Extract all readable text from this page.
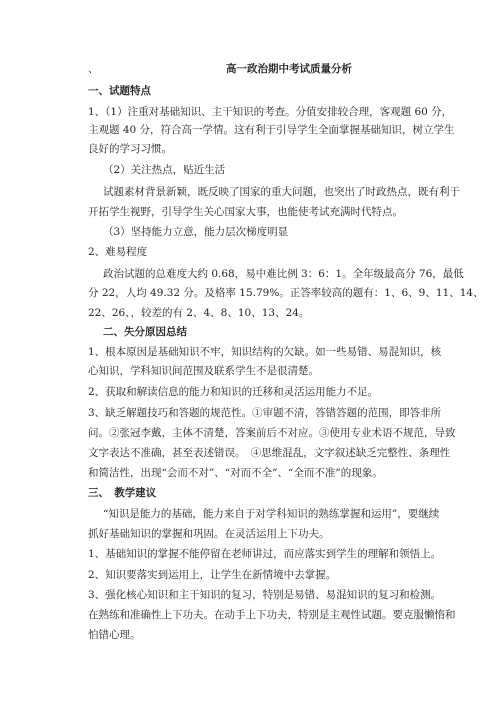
、	高一政治期中考试质量分析
一、试题特点
1、（1）注重对基础知识、主干知识的考查。分值安排较合理，客观题 60 分，
主观题 40 分，符合高一学情。这有利于引导学生全面掌握基础知识，树立学生
良好的学习习惯。
（2）关注热点，贴近生活
试题素材背景新颖，既反映了国家的重大问题，也突出了时政热点，既有利于
开拓学生视野，引导学生关心国家大事，也能使考试充满时代特点。
（3）坚持能力立意，能力层次梯度明显
2、难易程度
政治试题的总难度大约 0.68，易中难比例 3：6：1。全年级最高分 76，最低
分 22，人均 49.32 分。及格率 15.79%。正答率较高的题有：1、6、9、11、14、
22、26、，较差的有 2、4、8、10、13、24。
二、失分原因总结
1、根本原因是基础知识不牢，知识结构的欠缺。如一些易错、易混知识，核
心知识，学科知识间范围及联系学生不是很清楚。
2、获取和解读信息的能力和知识的迁移和灵活运用能力不足。
3、缺乏解题技巧和答题的规范性。①审题不清，答错答题的范围，即答非所
问。②张冠李戴，主体不清楚，答案前后不对应。③使用专业术语不规范，导致
文字表达不准确，甚至表述错误。　④思维混乱，文字叙述缺乏完整性、条理性
和简洁性，出现“会而不对”、“对而不全”、“全而不准”的现象。
三、　教学建议
“知识是能力的基础，能力来自于对学科知识的熟练掌握和运用”，要继续
抓好基础知识的掌握和巩固。在灵活运用上下功夫。
1、基础知识的掌握不能停留在老师讲过，而应落实到学生的理解和领悟上。
2、知识要落实到运用上，让学生在新情境中去掌握。
3、强化核心知识和主干知识的复习，特别是易错、易混知识的复习和检测。
在熟练和准确性上下功夫。在动手上下功夫，特别是主观性试题。要克服懒惰和
怕错心理。
